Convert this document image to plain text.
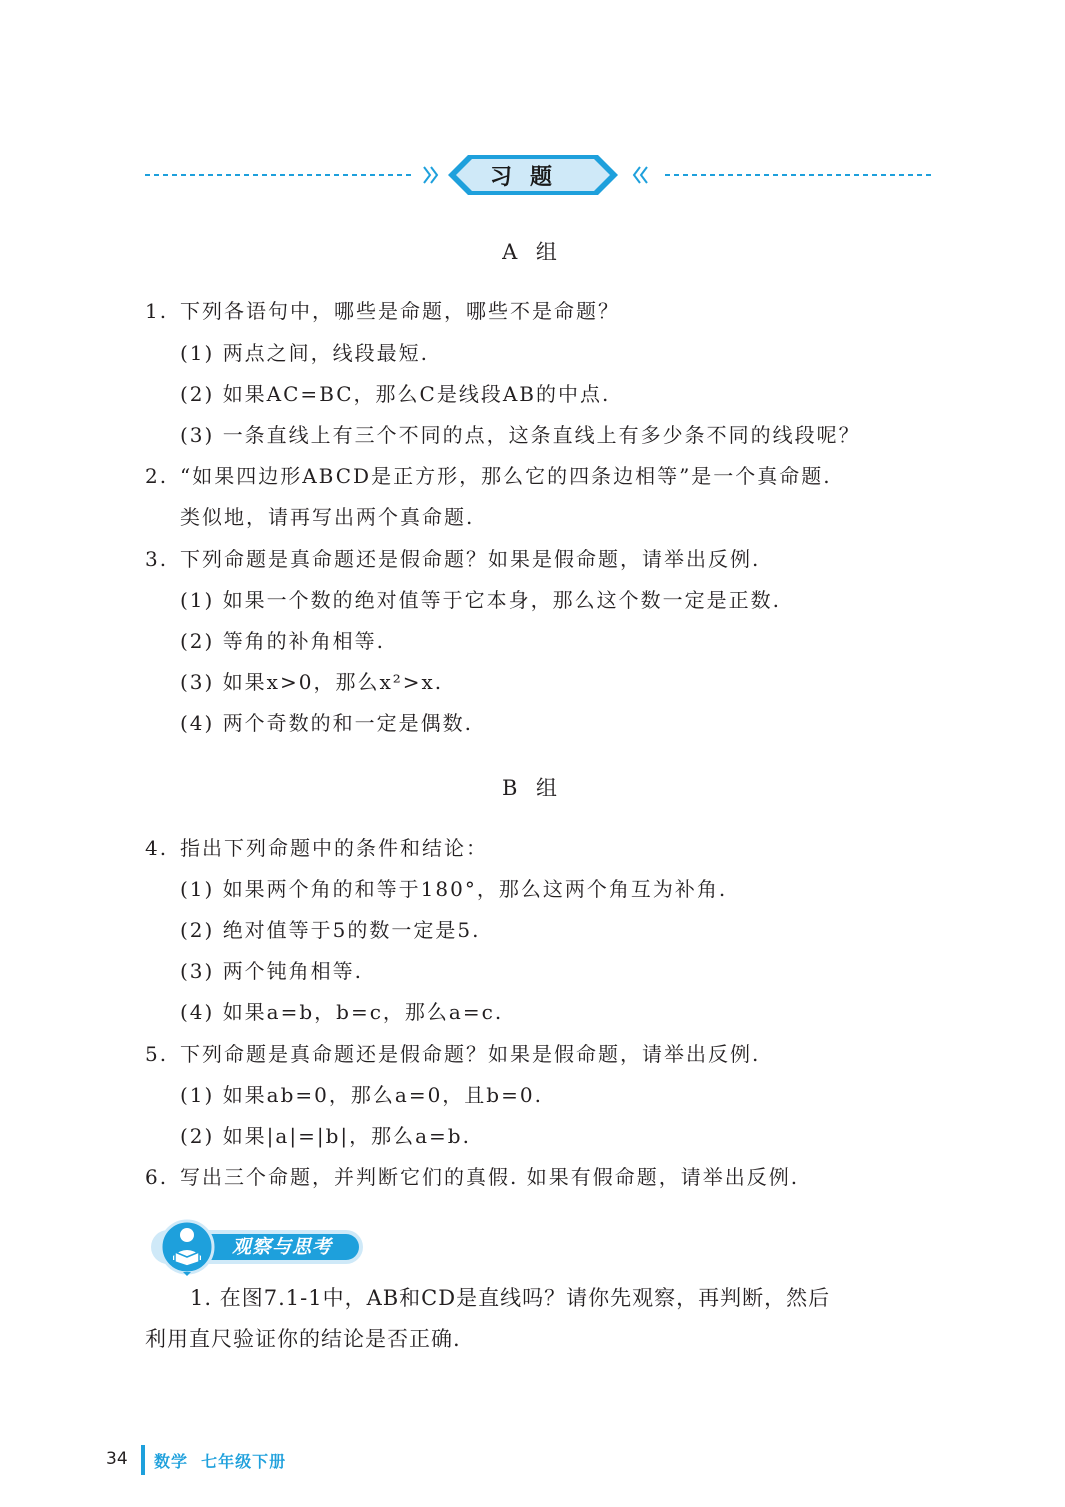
习题
A 组
1. 下列各语句中，哪些是命题，哪些不是命题？
(1) 两点之间，线段最短.
(2) 如果AC=BC，那么C是线段AB的中点.
(3) 一条直线上有三个不同的点，这条直线上有多少条不同的线段呢？
2. “如果四边形ABCD是正方形，那么它的四条边相等”是一个真命题.
类似地，请再写出两个真命题.
3. 下列命题是真命题还是假命题？如果是假命题，请举出反例.
(1) 如果一个数的绝对值等于它本身，那么这个数一定是正数.
(2) 等角的补角相等.
(3) 如果x>0，那么x²>x.
(4) 两个奇数的和一定是偶数.
B 组
4. 指出下列命题中的条件和结论：
(1) 如果两个角的和等于180°，那么这两个角互为补角.
(2) 绝对值等于5的数一定是5.
(3) 两个钝角相等.
(4) 如果a=b，b=c，那么a=c.
5. 下列命题是真命题还是假命题？如果是假命题，请举出反例.
(1) 如果ab=0，那么a=0，且b=0.
(2) 如果|a|=|b|，那么a=b.
6. 写出三个命题，并判断它们的真假. 如果有假命题，请举出反例.
观察与思考
1. 在图7.1-1中，AB和CD是直线吗？请你先观察，再判断，然后
利用直尺验证你的结论是否正确.
34 数学  七年级下册
